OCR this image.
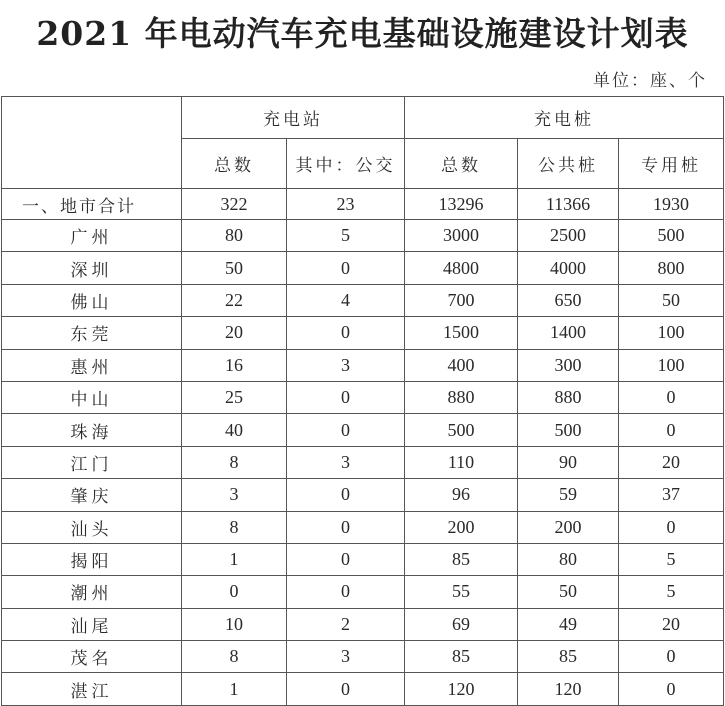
2021 年电动汽车充电基础设施建设计划表
单位：座、个
	充电站		充电桩		
	总数	其中：公交	总数	公共桩	专用桩
一、地市合计	322	23	13296	11366	1930
广州	80	5	3000	2500	500
深圳	50	0	4800	4000	800
佛山	22	4	700	650	50
东莞	20	0	1500	1400	100
惠州	16	3	400	300	100
中山	25	0	880	880	0
珠海	40	0	500	500	0
江门	8	3	110	90	20
肇庆	3	0	96	59	37
汕头	8	0	200	200	0
揭阳	1	0	85	80	5
潮州	0	0	55	50	5
汕尾	10	2	69	49	20
茂名	8	3	85	85	0
湛江	1	0	120	120	0
